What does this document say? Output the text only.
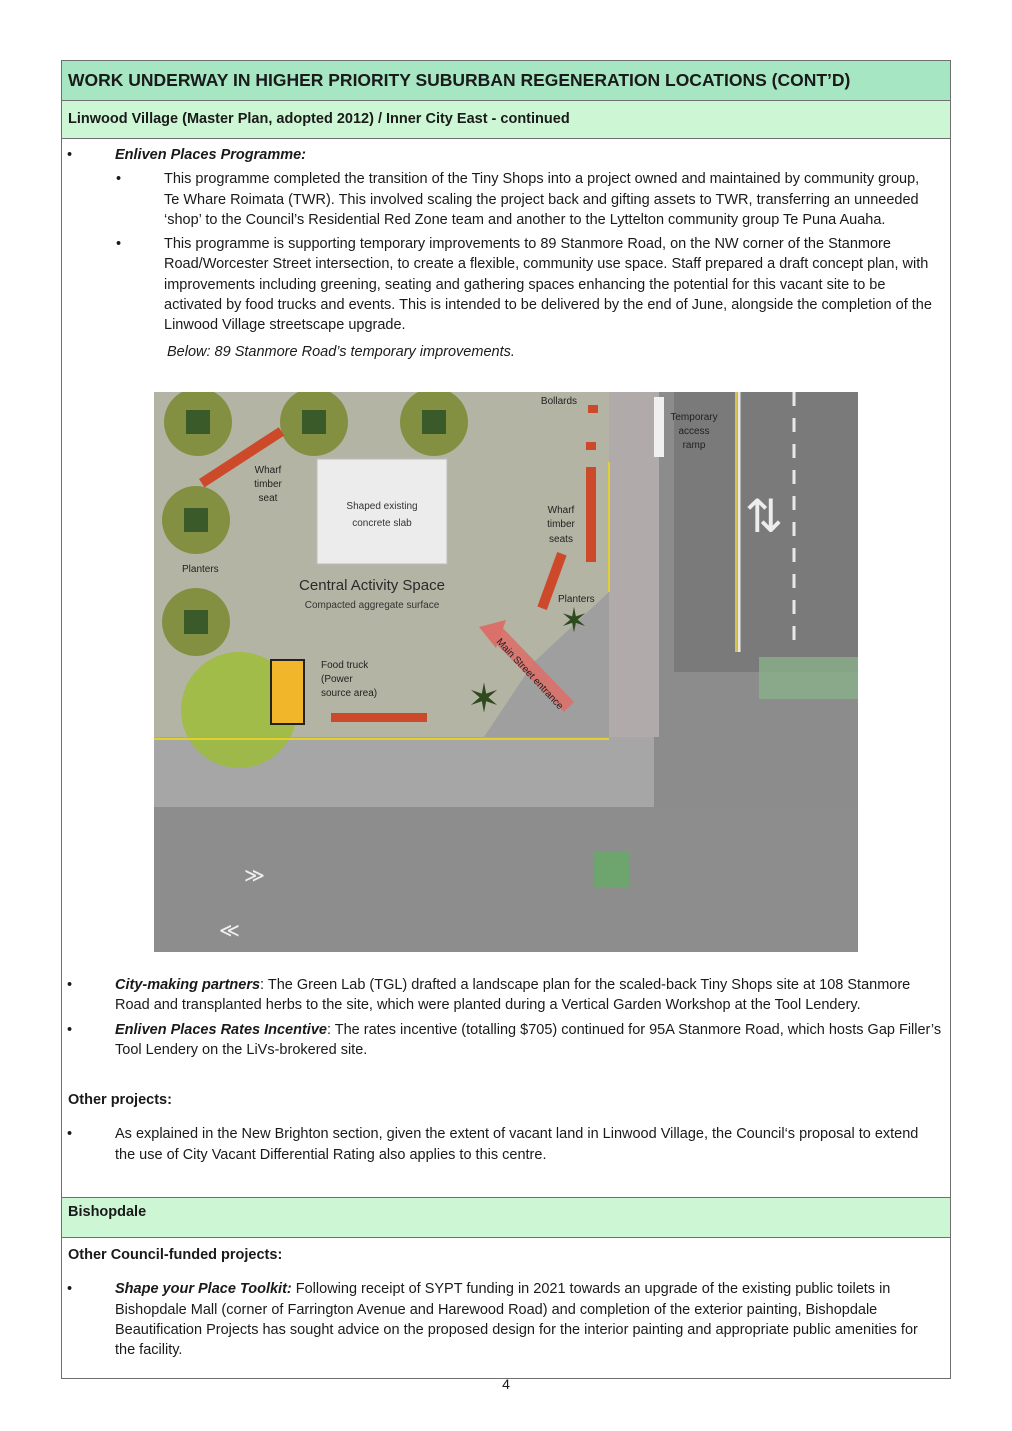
WORK UNDERWAY IN HIGHER PRIORITY SUBURBAN REGENERATION LOCATIONS (CONT’D)
Linwood Village (Master Plan, adopted 2012) / Inner City East - continued
•	Enliven Places Programme:
•	This programme completed the transition of the Tiny Shops into a project owned and maintained by community group, Te Whare Roimata (TWR). This involved scaling the project back and gifting assets to TWR, transferring an unneeded ‘shop’ to the Council’s Residential Red Zone team and another to the Lyttelton community group Te Puna Auaha.
•	This programme is supporting temporary improvements to 89 Stanmore Road, on the NW corner of the Stanmore Road/Worcester Street intersection, to create a flexible, community use space. Staff prepared a draft concept plan, with improvements including greening, seating and gathering spaces enhancing the potential for this vacant site to be activated by food trucks and events. This is intended to be delivered by the end of June, alongside the completion of the Linwood Village streetscape upgrade.
Below: 89 Stanmore Road’s temporary improvements.
•	City-making partners: The Green Lab (TGL) drafted a landscape plan for the scaled-back Tiny Shops site at 108 Stanmore Road and transplanted herbs to the site, which were planted during a Vertical Garden Workshop at the Tool Lendery.
•	Enliven Places Rates Incentive: The rates incentive (totalling $705) continued for 95A Stanmore Road, which hosts Gap Filler’s Tool Lendery on the LiVs-brokered site.
Other projects:
•	As explained in the New Brighton section, given the extent of vacant land in Linwood Village, the Council‘s proposal to extend the use of City Vacant Differential Rating also applies to this centre.
Bishopdale
Other Council-funded projects:
•	Shape your Place Toolkit: Following receipt of SYPT funding in 2021 towards an upgrade of the existing public toilets in Bishopdale Mall (corner of Farrington Avenue and Harewood Road) and completion of the exterior painting, Bishopdale Beautification Projects has sought advice on the proposed design for the interior painting and appropriate public amenities for the facility.
⇅
≫
≪
Shaped existing
concrete slab
✶
✶
Bollards
Temporary
access
ramp
Wharf
timber
seat
Wharf
timber
seats
Planters
Planters
Central Activity Space
Compacted aggregate surface
Food truck
(Power
source area)	Main Street entrance
4
